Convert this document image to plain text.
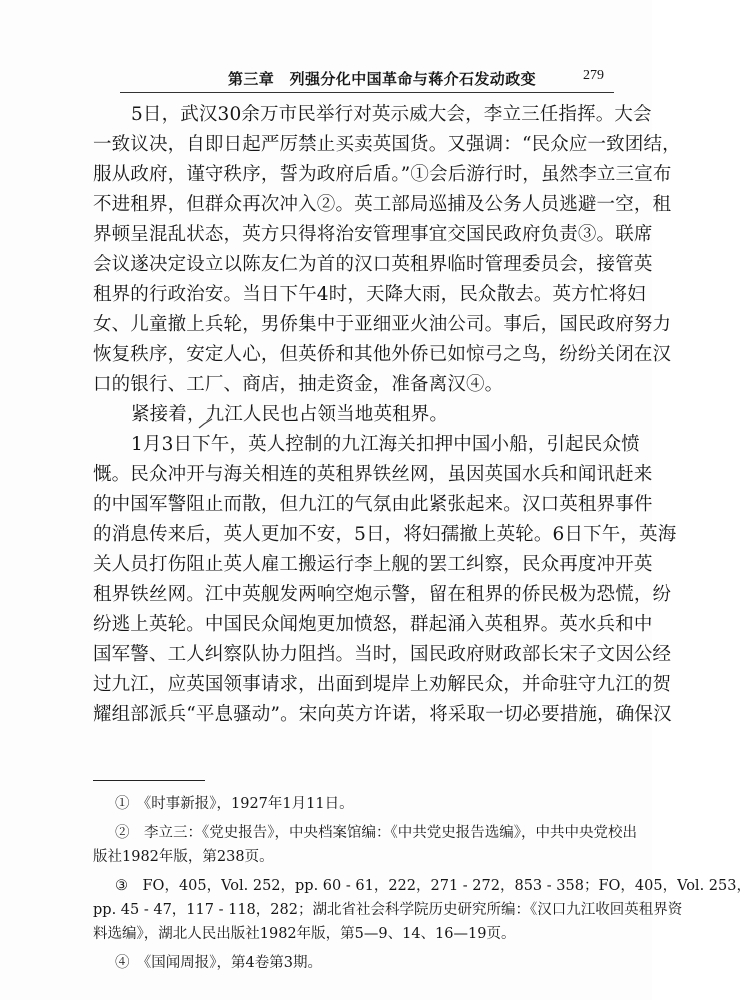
第三章　列强分化中国革命与蒋介石发动政变	279
5日，武汉30余万市民举行对英示威大会，李立三任指挥。大会
一致议决，自即日起严厉禁止买卖英国货。又强调：“民众应一致团结，
服从政府，谨守秩序，誓为政府后盾。”①会后游行时，虽然李立三宣布
不进租界，但群众再次冲入②。英工部局巡捕及公务人员逃避一空，租
界顿呈混乱状态，英方只得将治安管理事宜交国民政府负责③。联席
会议遂决定设立以陈友仁为首的汉口英租界临时管理委员会，接管英
租界的行政治安。当日下午4时，天降大雨，民众散去。英方忙将妇
女、儿童撤上兵轮，男侨集中于亚细亚火油公司。事后，国民政府努力
恢复秩序，安定人心，但英侨和其他外侨已如惊弓之鸟，纷纷关闭在汉
口的银行、工厂、商店，抽走资金，准备离汉④。
紧接着，九江人民也占领当地英租界。
1月3日下午，英人控制的九江海关扣押中国小船，引起民众愤
慨。民众冲开与海关相连的英租界铁丝网，虽因英国水兵和闻讯赶来
的中国军警阻止而散，但九江的气氛由此紧张起来。汉口英租界事件
的消息传来后，英人更加不安，5日，将妇孺撤上英轮。6日下午，英海
关人员打伤阻止英人雇工搬运行李上舰的罢工纠察，民众再度冲开英
租界铁丝网。江中英舰发两响空炮示警，留在租界的侨民极为恐慌，纷
纷逃上英轮。中国民众闻炮更加愤怒，群起涌入英租界。英水兵和中
国军警、工人纠察队协力阻挡。当时，国民政府财政部长宋子文因公经
过九江，应英国领事请求，出面到堤岸上劝解民众，并命驻守九江的贺
耀组部派兵“平息骚动”。宋向英方许诺，将采取一切必要措施，确保汉
①　《时事新报》，1927年1月11日。
②　李立三：《党史报告》，中央档案馆编：《中共党史报告选编》，中共中央党校出
版社1982年版，第238页。
③　FO，405，Vol. 252，pp. 60 - 61，222，271 - 272，853 - 358；FO，405，Vol. 253，
pp. 45 - 47，117 - 118，282；湖北省社会科学院历史研究所编：《汉口九江收回英租界资
料选编》，湖北人民出版社1982年版，第5—9、14、16—19页。
④　《国闻周报》，第4卷第3期。
